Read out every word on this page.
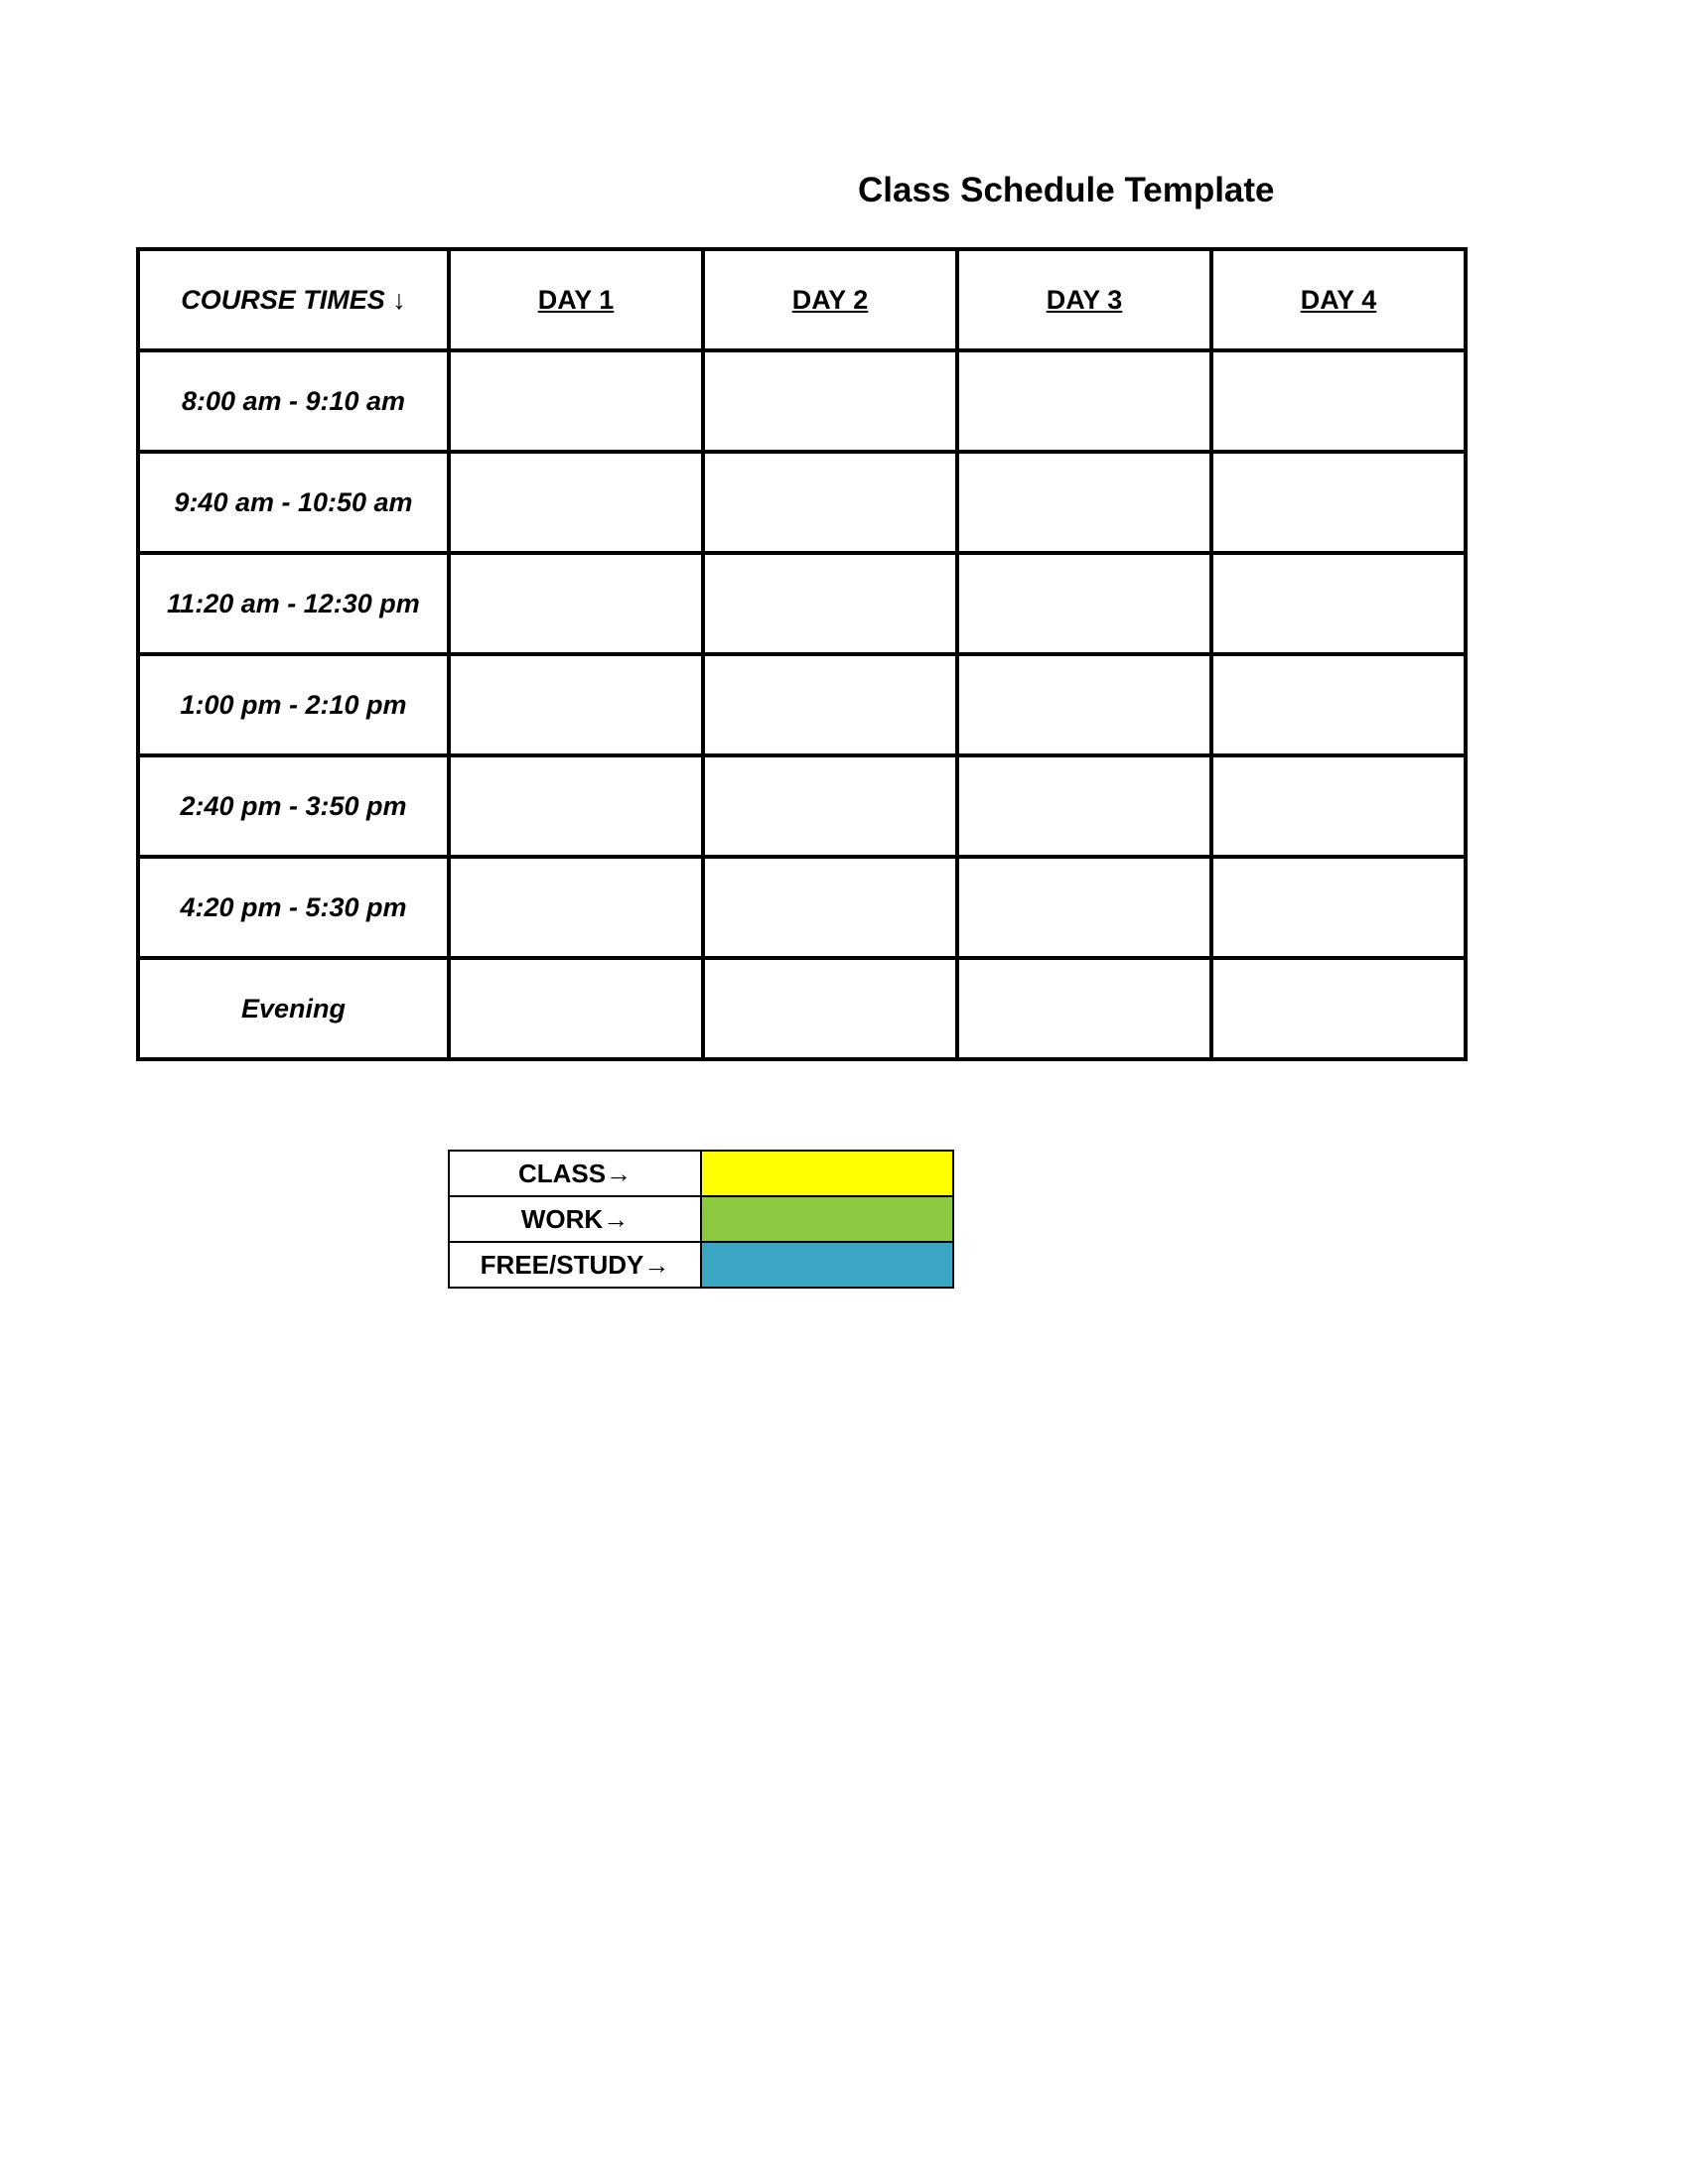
Class Schedule Template
COURSE TIMES ↓	DAY 1	DAY 2	DAY 3	DAY 4
8:00 am - 9:10 am				
9:40 am - 10:50 am				
11:20 am - 12:30 pm				
1:00 pm - 2:10 pm				
2:40 pm - 3:50 pm				
4:20 pm - 5:30 pm				
Evening				
CLASS→	
WORK→	
FREE/STUDY→	
